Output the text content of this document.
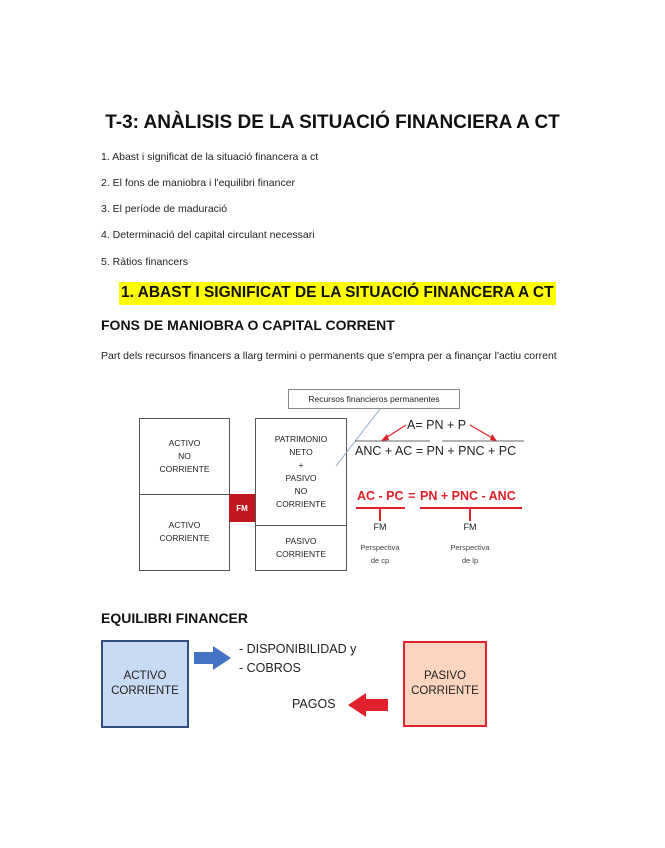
T-3: ANÀLISIS DE LA SITUACIÓ FINANCIERA A CT
1. Abast i significat de la situació financera a ct
2. El fons de maniobra i l'equilibri financer
3. El període de maduració
4. Determinació del capital circulant necessari
5. Ràtios financers
1. ABAST I SIGNIFICAT DE LA SITUACIÓ FINANCERA A CT
FONS DE MANIOBRA O CAPITAL CORRENT
Part dels recursos financers a llarg termini o permanents que s'empra per a finançar l'actiu corrent
ACTIVO
NO
CORRIENTE
ACTIVO
CORRIENTE
PATRIMONIO
NETO
+
PASIVO
NO
CORRIENTE
PASIVO
CORRIENTE
FM
Recursos financieros permanentes
A= PN + P
ANC + AC = PN + PNC + PC
AC - PC = PN + PNC - ANC
FM	FM
Perspectiva
de cp
Perspectiva
de lp
EQUILIBRI FINANCER
ACTIVO
CORRIENTE
PASIVO
CORRIENTE
- DISPONIBILIDAD y
- COBROS
PAGOS
